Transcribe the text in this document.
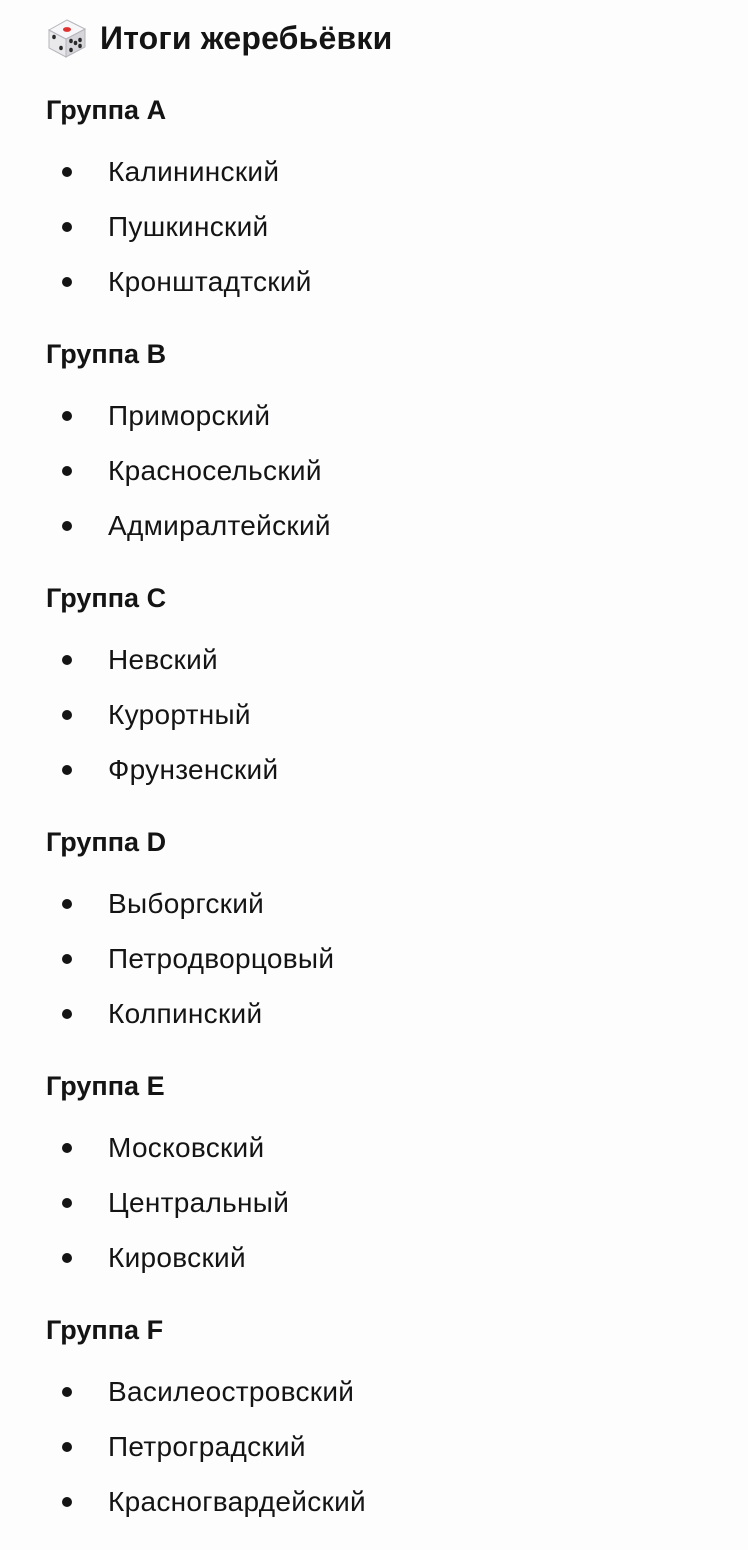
Итоги жеребьёвки
Группа A
Калининский
Пушкинский
Кронштадтский
Группа B
Приморский
Красносельский
Адмиралтейский
Группа C
Невский
Курортный
Фрунзенский
Группа D
Выборгский
Петродворцовый
Колпинский
Группа E
Московский
Центральный
Кировский
Группа F
Василеостровский
Петроградский
Красногвардейский
